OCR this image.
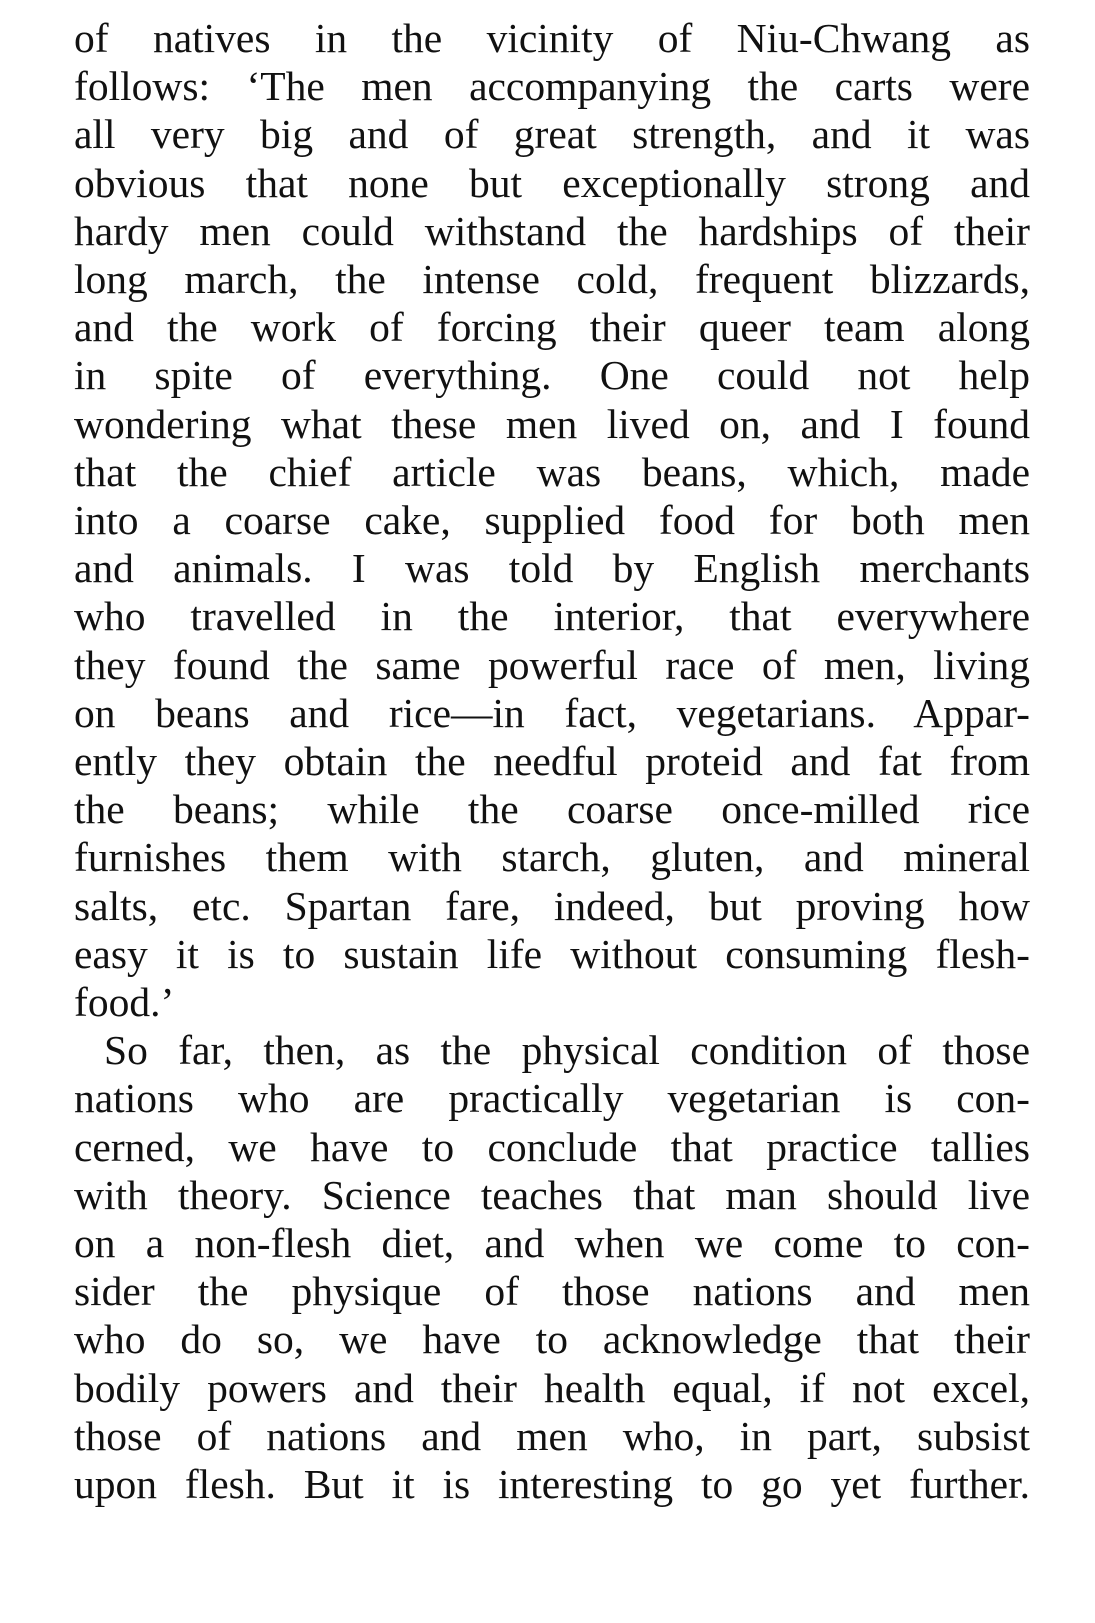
of natives in the vicinity of Niu-Chwang as
follows: ‘The men accompanying the carts were
all very big and of great strength, and it was
obvious that none but exceptionally strong and
hardy men could withstand the hardships of their
long march, the intense cold, frequent blizzards,
and the work of forcing their queer team along
in spite of everything. One could not help
wondering what these men lived on, and I found
that the chief article was beans, which, made
into a coarse cake, supplied food for both men
and animals. I was told by English merchants
who travelled in the interior, that everywhere
they found the same powerful race of men, living
on beans and rice—in fact, vegetarians. Appar-
ently they obtain the needful proteid and fat from
the beans; while the coarse once-milled rice
furnishes them with starch, gluten, and mineral
salts, etc. Spartan fare, indeed, but proving how
easy it is to sustain life without consuming flesh-
food.’
So far, then, as the physical condition of those
nations who are practically vegetarian is con-
cerned, we have to conclude that practice tallies
with theory. Science teaches that man should live
on a non-flesh diet, and when we come to con-
sider the physique of those nations and men
who do so, we have to acknowledge that their
bodily powers and their health equal, if not excel,
those of nations and men who, in part, subsist
upon flesh. But it is interesting to go yet further.
